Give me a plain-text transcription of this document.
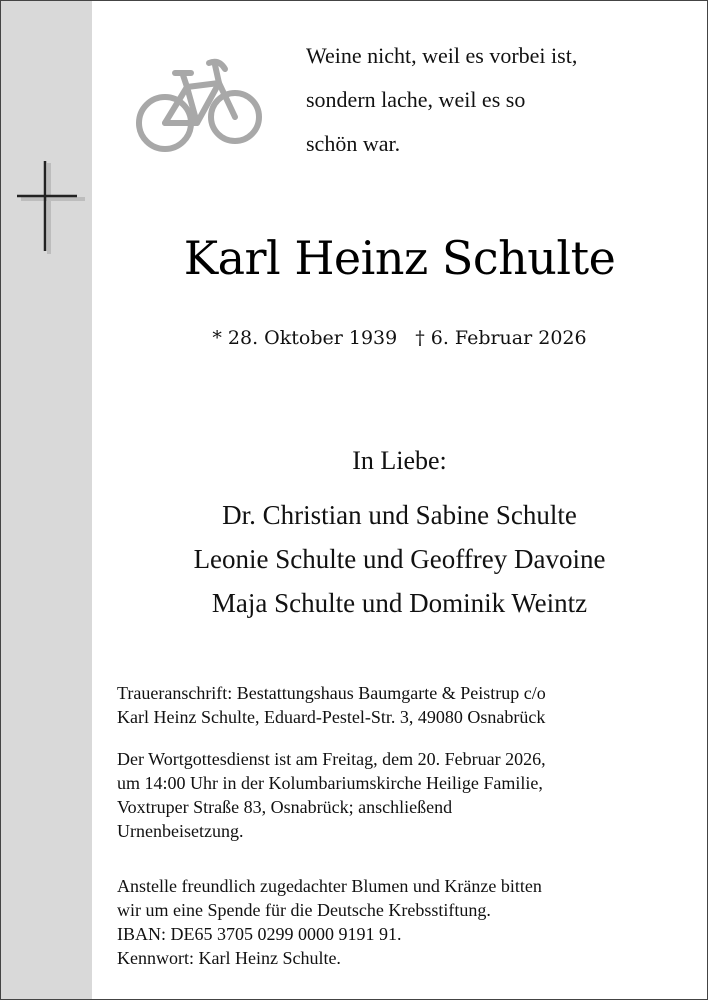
Weine nicht, weil es vorbei ist,
sondern lache, weil es so
schön war.
Karl Heinz Schulte
* 28. Oktober 1939 † 6. Februar 2026
In Liebe:
Dr. Christian und Sabine Schulte
Leonie Schulte und Geoffrey Davoine
Maja Schulte und Dominik Weintz
Traueranschrift: Bestattungshaus Baumgarte & Peistrup c/o
Karl Heinz Schulte, Eduard-Pestel-Str. 3, 49080 Osnabrück
Der Wortgottesdienst ist am Freitag, dem 20. Februar 2026,
um 14:00 Uhr in der Kolumbariumskirche Heilige Familie,
Voxtruper Straße 83, Osnabrück; anschließend
Urnenbeisetzung.
Anstelle freundlich zugedachter Blumen und Kränze bitten
wir um eine Spende für die Deutsche Krebsstiftung.
IBAN: DE65 3705 0299 0000 9191 91.
Kennwort: Karl Heinz Schulte.
